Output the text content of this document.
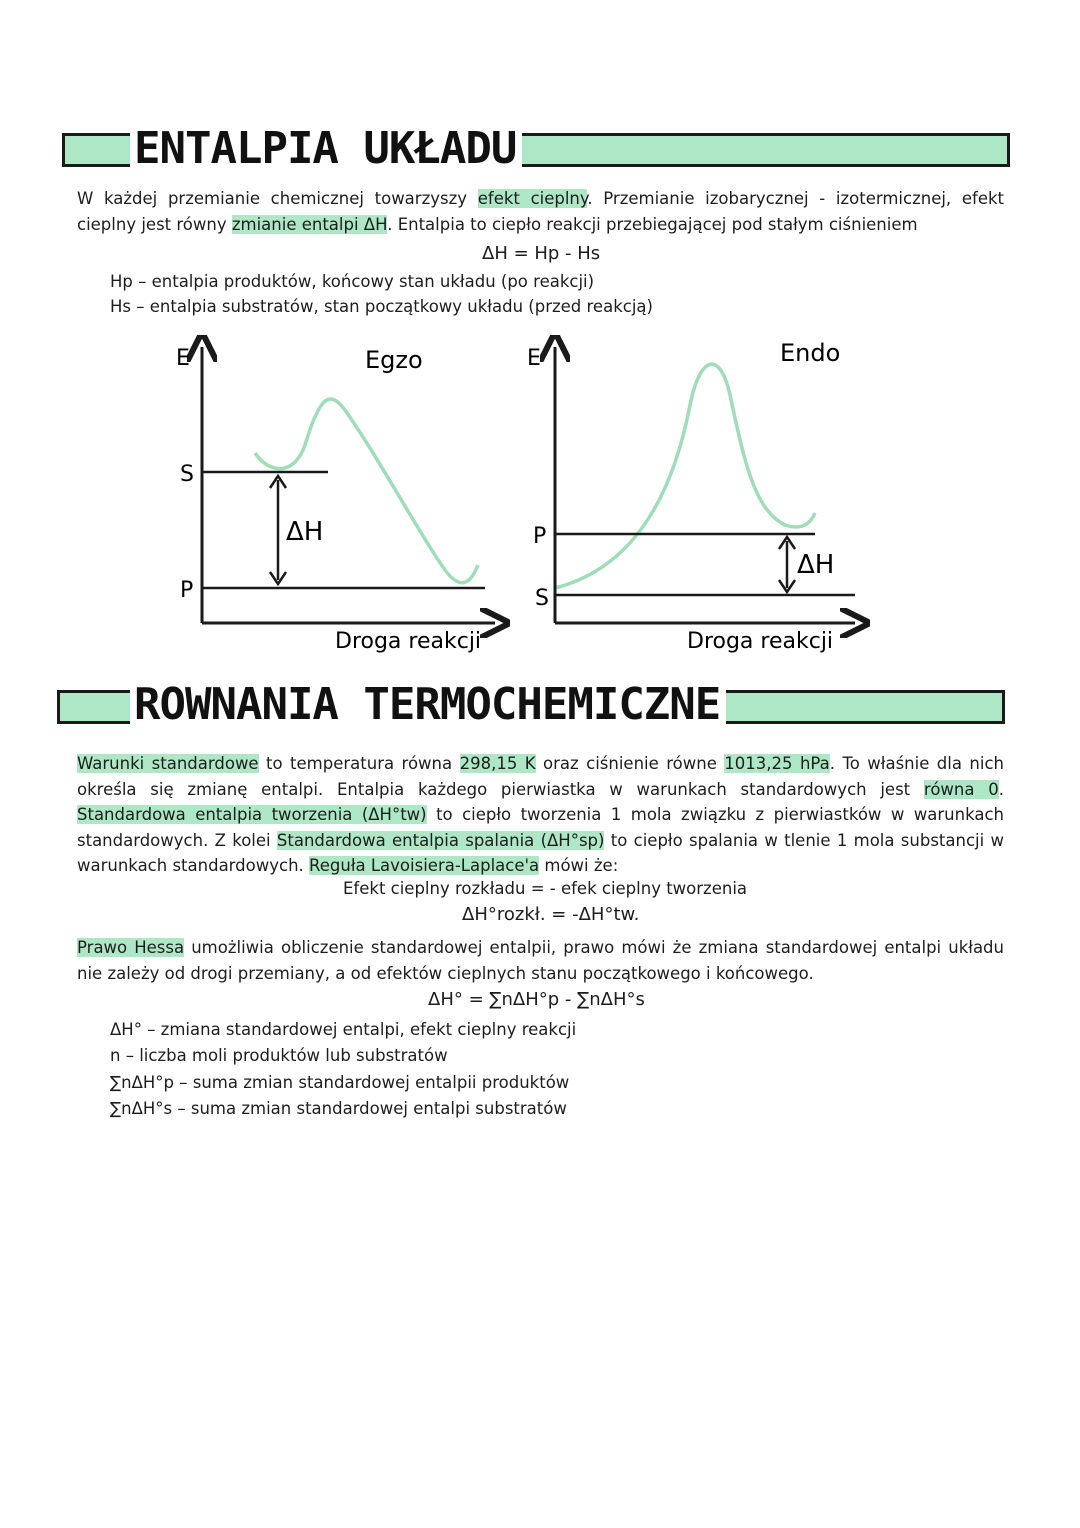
ENTALPIA UKŁADU
W każdej przemianie chemicznej towarzyszy efekt cieplny. Przemianie izobarycznej - izotermicznej, efekt cieplny jest równy zmianie entalpi ΔH. Entalpia to ciepło reakcji przebiegającej pod stałym ciśnieniem
ΔH = Hp - Hs
Hp – entalpia produktów, końcowy stan układu (po reakcji)
Hs – entalpia substratów, stan początkowy układu (przed reakcją)
E	Egzo
S
P
ΔH
Droga reakcji
E	Endo
P
S
ΔH
Droga reakcji
ROWNANIA TERMOCHEMICZNE
Warunki standardowe to temperatura równa 298,15 K oraz ciśnienie równe 1013,25 hPa. To właśnie dla nich określa się zmianę entalpi. Entalpia każdego pierwiastka w warunkach standardowych jest równa 0. Standardowa entalpia tworzenia (ΔH°tw) to ciepło tworzenia 1 mola związku z pierwiastków w warunkach standardowych. Z kolei Standardowa entalpia spalania (ΔH°sp) to ciepło spalania w tlenie 1 mola substancji w warunkach standardowych. Reguła Lavoisiera-Laplace'a mówi że:
Efekt cieplny rozkładu = - efek cieplny tworzenia
ΔH°rozkł. = -ΔH°tw.
Prawo Hessa umożliwia obliczenie standardowej entalpii, prawo mówi że zmiana standardowej entalpi układu nie zależy od drogi przemiany, a od efektów cieplnych stanu początkowego i końcowego.
ΔH° = ∑nΔH°p - ∑nΔH°s
ΔH° – zmiana standardowej entalpi, efekt cieplny reakcji
n – liczba moli produktów lub substratów
∑nΔH°p – suma zmian standardowej entalpii produktów
∑nΔH°s – suma zmian standardowej entalpi substratów
